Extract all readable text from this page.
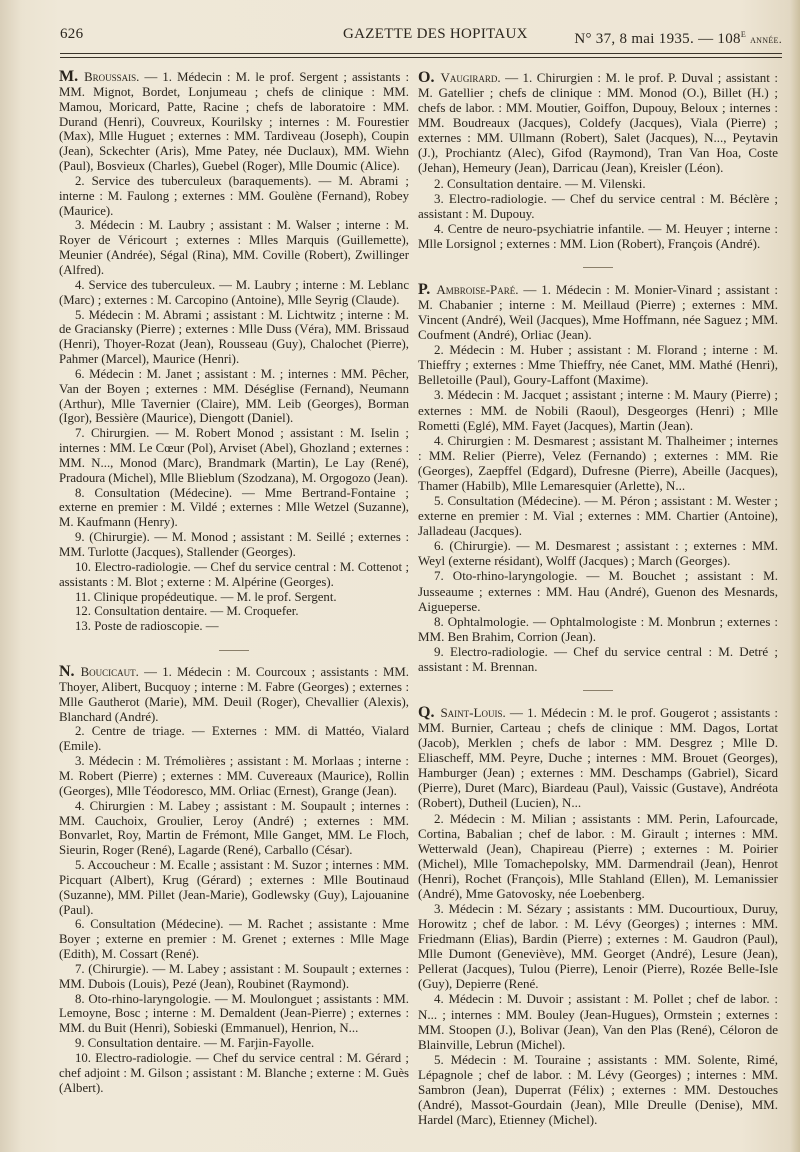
626	GAZETTE DES HOPITAUX	N° 37, 8 mai 1935. — 108e année.

M. Broussais. — 1. Médecin : M. le prof. Sergent ; assistants : MM. Mignot, Bordet, Lonjumeau ; chefs de clinique : MM. Mamou, Moricard, Patte, Racine ; chefs de laboratoire : MM. Durand (Henri), Couvreux, Kourilsky ; internes : M. Fourestier (Max), Mlle Huguet ; externes : MM. Tardiveau (Joseph), Coupin (Jean), Sckechter (Aris), Mme Patey, née Duclaux), MM. Wiehn (Paul), Bosvieux (Charles), Guebel (Roger), Mlle Doumic (Alice).

2. Service des tuberculeux (baraquements). — M. Abrami ; interne : M. Faulong ; externes : MM. Goulène (Fernand), Robey (Maurice).

3. Médecin : M. Laubry ; assistant : M. Walser ; interne : M. Royer de Véricourt ; externes : Mlles Marquis (Guillemette), Meunier (Andrée), Ségal (Rina), MM. Coville (Robert), Zwillinger (Alfred).

4. Service des tuberculeux. — M. Laubry ; interne : M. Leblanc (Marc) ; externes : M. Carcopino (Antoine), Mlle Seyrig (Claude).

5. Médecin : M. Abrami ; assistant : M. Lichtwitz ; interne : M. de Graciansky (Pierre) ; externes : Mlle Duss (Véra), MM. Brissaud (Henri), Thoyer-Rozat (Jean), Rousseau (Guy), Chalochet (Pierre), Pahmer (Marcel), Maurice (Henri).

6. Médecin : M. Janet ; assistant : M. ; internes : MM. Pêcher, Van der Boyen ; externes : MM. Déséglise (Fernand), Neumann (Arthur), Mlle Tavernier (Claire), MM. Leib (Georges), Borman (Igor), Bessière (Maurice), Diengott (Daniel).

7. Chirurgien. — M. Robert Monod ; assistant : M. Iselin ; internes : MM. Le Cœur (Pol), Arviset (Abel), Ghozland ; externes : MM. N..., Monod (Marc), Brandmark (Martin), Le Lay (René), Pradoura (Michel), Mlle Blieblum (Szodzana), M. Orgogozo (Jean).

8. Consultation (Médecine). — Mme Bertrand-Fontaine ; externe en premier : M. Vildé ; externes : Mlle Wetzel (Suzanne), M. Kaufmann (Henry).

9. (Chirurgie). — M. Monod ; assistant : M. Seillé ; externes : MM. Turlotte (Jacques), Stallender (Georges).

10. Electro-radiologie. — Chef du service central : M. Cottenot ; assistants : M. Blot ; externe : M. Alpérine (Georges).

11. Clinique propédeutique. — M. le prof. Sergent.

12. Consultation dentaire. — M. Croquefer.

13. Poste de radioscopie. —

N. Boucicaut. — 1. Médecin : M. Courcoux ; assistants : MM. Thoyer, Alibert, Bucquoy ; interne : M. Fabre (Georges) ; externes : Mlle Gautherot (Marie), MM. Deuil (Roger), Chevallier (Alexis), Blanchard (André).

2. Centre de triage. — Externes : MM. di Mattéo, Vialard (Emile).

3. Médecin : M. Trémolières ; assistant : M. Morlaas ; interne : M. Robert (Pierre) ; externes : MM. Cuvereaux (Maurice), Rollin (Georges), Mlle Téodoresco, MM. Orliac (Ernest), Grange (Jean).

4. Chirurgien : M. Labey ; assistant : M. Soupault ; internes : MM. Cauchoix, Groulier, Leroy (André) ; externes : MM. Bonvarlet, Roy, Martin de Frémont, Mlle Ganget, MM. Le Floch, Sieurin, Roger (René), Lagarde (René), Carballo (César).

5. Accoucheur : M. Ecalle ; assistant : M. Suzor ; internes : MM. Picquart (Albert), Krug (Gérard) ; externes : Mlle Boutinaud (Suzanne), MM. Pillet (Jean-Marie), Godlewsky (Guy), Lajouanine (Paul).

6. Consultation (Médecine). — M. Rachet ; assistante : Mme Boyer ; externe en premier : M. Grenet ; externes : Mlle Mage (Edith), M. Cossart (René).

7. (Chirurgie). — M. Labey ; assistant : M. Soupault ; externes : MM. Dubois (Louis), Pezé (Jean), Roubinet (Raymond).

8. Oto-rhino-laryngologie. — M. Moulonguet ; assistants : MM. Lemoyne, Bosc ; interne : M. Demaldent (Jean-Pierre) ; externes : MM. du Buit (Henri), Sobieski (Emmanuel), Henrion, N...

9. Consultation dentaire. — M. Farjin-Fayolle.

10. Electro-radiologie. — Chef du service central : M. Gérard ; chef adjoint : M. Gilson ; assistant : M. Blanche ; externe : M. Guès (Albert).

O. Vaugirard. — 1. Chirurgien : M. le prof. P. Duval ; assistant : M. Gatellier ; chefs de clinique : MM. Monod (O.), Billet (H.) ; chefs de labor. : MM. Moutier, Goiffon, Dupouy, Beloux ; internes : MM. Boudreaux (Jacques), Coldefy (Jacques), Viala (Pierre) ; externes : MM. Ullmann (Robert), Salet (Jacques), N..., Peytavin (J.), Prochiantz (Alec), Gifod (Raymond), Tran Van Hoa, Coste (Jehan), Hemeury (Jean), Darricau (Jean), Kreisler (Léon).

2. Consultation dentaire. — M. Vilenski.

3. Electro-radiologie. — Chef du service central : M. Béclère ; assistant : M. Dupouy.

4. Centre de neuro-psychiatrie infantile. — M. Heuyer ; interne : Mlle Lorsignol ; externes : MM. Lion (Robert), François (André).

P. Ambroise-Paré. — 1. Médecin : M. Monier-Vinard ; assistant : M. Chabanier ; interne : M. Meillaud (Pierre) ; externes : MM. Vincent (André), Weil (Jacques), Mme Hoffmann, née Saguez ; MM. Coufment (André), Orliac (Jean).

2. Médecin : M. Huber ; assistant : M. Florand ; interne : M. Thieffry ; externes : Mme Thieffry, née Canet, MM. Mathé (Henri), Belletoille (Paul), Goury-Laffont (Maxime).

3. Médecin : M. Jacquet ; assistant ; interne : M. Maury (Pierre) ; externes : MM. de Nobili (Raoul), Desgeorges (Henri) ; Mlle Rometti (Eglé), MM. Fayet (Jacques), Martin (Jean).

4. Chirurgien : M. Desmarest ; assistant M. Thalheimer ; internes : MM. Relier (Pierre), Velez (Fernando) ; externes : MM. Rie (Georges), Zaepffel (Edgard), Dufresne (Pierre), Abeille (Jacques), Thamer (Habilb), Mlle Lemaresquier (Arlette), N...

5. Consultation (Médecine). — M. Péron ; assistant : M. Wester ; externe en premier : M. Vial ; externes : MM. Chartier (Antoine), Jalladeau (Jacques).

6. (Chirurgie). — M. Desmarest ; assistant : ; externes : MM. Weyl (externe résidant), Wolff (Jacques) ; March (Georges).

7. Oto-rhino-laryngologie. — M. Bouchet ; assistant : M. Jusseaume ; externes : MM. Hau (André), Guenon des Mesnards, Aigueperse.

8. Ophtalmologie. — Ophtalmologiste : M. Monbrun ; externes : MM. Ben Brahim, Corrion (Jean).

9. Electro-radiologie. — Chef du service central : M. Detré ; assistant : M. Brennan.

Q. Saint-Louis. — 1. Médecin : M. le prof. Gougerot ; assistants : MM. Burnier, Carteau ; chefs de clinique : MM. Dagos, Lortat (Jacob), Merklen ; chefs de labor : MM. Desgrez ; Mlle D. Eliascheff, MM. Peyre, Duche ; internes : MM. Brouet (Georges), Hamburger (Jean) ; externes : MM. Deschamps (Gabriel), Sicard (Pierre), Duret (Marc), Biardeau (Paul), Vaissic (Gustave), Andréota (Robert), Dutheil (Lucien), N...

2. Médecin : M. Milian ; assistants : MM. Perin, Lafourcade, Cortina, Babalian ; chef de labor. : M. Girault ; internes : MM. Wetterwald (Jean), Chapireau (Pierre) ; externes : M. Poirier (Michel), Mlle Tomachepolsky, MM. Darmendrail (Jean), Henrot (Henri), Rochet (François), Mlle Stahland (Ellen), M. Lemanissier (André), Mme Gatovosky, née Loebenberg.

3. Médecin : M. Sézary ; assistants : MM. Ducourtioux, Duruy, Horowitz ; chef de labor. : M. Lévy (Georges) ; internes : MM. Friedmann (Elias), Bardin (Pierre) ; externes : M. Gaudron (Paul), Mlle Dumont (Geneviève), MM. Georget (André), Lesure (Jean), Pellerat (Jacques), Tulou (Pierre), Lenoir (Pierre), Rozée Belle-Isle (Guy), Depierre (René.

4. Médecin : M. Duvoir ; assistant : M. Pollet ; chef de labor. : N... ; internes : MM. Bouley (Jean-Hugues), Ormstein ; externes : MM. Stoopen (J.), Bolivar (Jean), Van den Plas (René), Céloron de Blainville, Lebrun (Michel).

5. Médecin : M. Touraine ; assistants : MM. Solente, Rimé, Lépagnole ; chef de labor. : M. Lévy (Georges) ; internes : MM. Sambron (Jean), Duperrat (Félix) ; externes : MM. Destouches (André), Massot-Gourdain (Jean), Mlle Dreulle (Denise), MM. Hardel (Marc), Etienney (Michel).
